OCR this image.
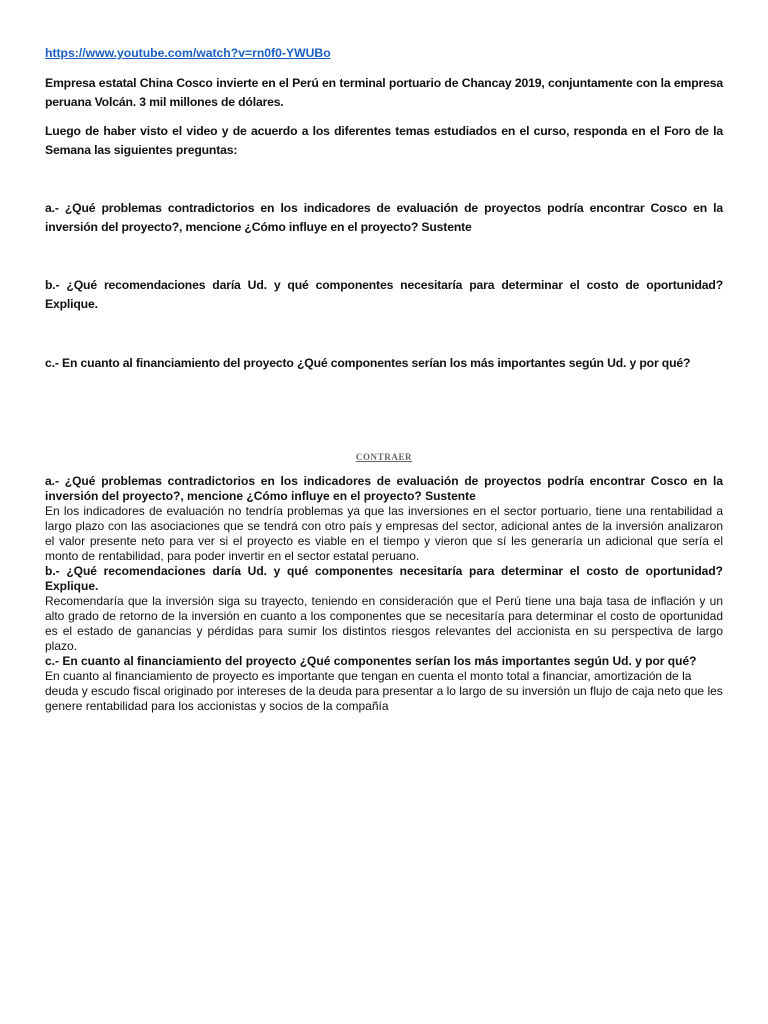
https://www.youtube.com/watch?v=rn0f0-YWUBo

Empresa estatal China Cosco invierte en el Perú en terminal portuario de Chancay 2019, conjuntamente con la empresa peruana Volcán. 3 mil millones de dólares.

Luego de haber visto el video y de acuerdo a los diferentes temas estudiados en el curso, responda en el Foro de la Semana las siguientes preguntas:

a.- ¿Qué problemas contradictorios en los indicadores de evaluación de proyectos podría encontrar Cosco en la inversión del proyecto?, mencione ¿Cómo influye en el proyecto? Sustente

b.- ¿Qué recomendaciones daría Ud. y qué componentes necesitaría para determinar el costo de oportunidad? Explique.

c.- En cuanto al financiamiento del proyecto ¿Qué componentes serían los más importantes según Ud. y por qué?

CONTRAER

a.- ¿Qué problemas contradictorios en los indicadores de evaluación de proyectos podría encontrar Cosco en la inversión del proyecto?, mencione ¿Cómo influye en el proyecto? Sustente

En los indicadores de evaluación no tendría problemas ya que las inversiones en el sector portuario, tiene una rentabilidad a largo plazo con las asociaciones que se tendrá con otro país y empresas del sector, adicional antes de la inversión analizaron el valor presente neto para ver si el proyecto es viable en el tiempo y vieron que sí les generaría un adicional que sería el monto de rentabilidad, para poder invertir en el sector estatal peruano.

b.- ¿Qué recomendaciones daría Ud. y qué componentes necesitaría para determinar el costo de oportunidad? Explique.

Recomendaría que la inversión siga su trayecto, teniendo en consideración que el Perú tiene una baja tasa de inflación y un alto grado de retorno de la inversión en cuanto a los componentes que se necesitaría para determinar el costo de oportunidad es el estado de ganancias y pérdidas para sumir los distintos riesgos relevantes del accionista en su perspectiva de largo plazo.

c.- En cuanto al financiamiento del proyecto ¿Qué componentes serían los más importantes según Ud. y por qué?

En cuanto al financiamiento de proyecto es importante que tengan en cuenta el monto total a financiar, amortización de la deuda y escudo fiscal originado por intereses de la deuda para presentar a lo largo de su inversión un flujo de caja neto que les genere rentabilidad para los accionistas y socios de la compañía
